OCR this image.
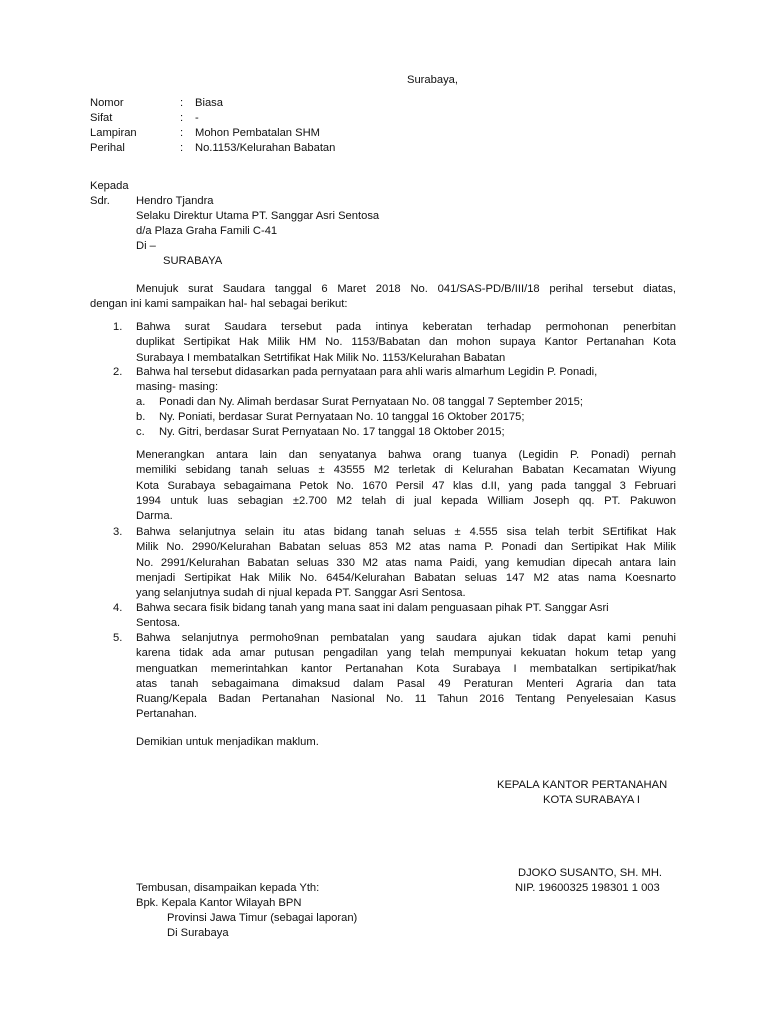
Surabaya,
Nomor	: Biasa
Sifat	: -
Lampiran	: Mohon Pembatalan SHM
Perihal	: No.1153/Kelurahan Babatan
Kepada
Sdr. Hendro Tjandra
Selaku Direktur Utama PT. Sanggar Asri Sentosa
d/a Plaza Graha Famili C-41
Di –
SURABAYA
Menujuk surat Saudara tanggal 6 Maret 2018 No. 041/SAS-PD/B/III/18 perihal tersebut diatas,
dengan ini kami sampaikan hal- hal sebagai berikut:
1. Bahwa surat Saudara tersebut pada intinya keberatan terhadap permohonan penerbitan
duplikat Sertipikat Hak Milik HM No. 1153/Babatan dan mohon supaya Kantor Pertanahan Kota
Surabaya I membatalkan Setrtifikat Hak Milik No. 1153/Kelurahan Babatan
2. Bahwa hal tersebut didasarkan pada pernyataan para ahli waris almarhum Legidin P. Ponadi,
masing- masing:
a. Ponadi dan Ny. Alimah berdasar Surat Pernyataan No. 08 tanggal 7 September 2015;
b. Ny. Poniati, berdasar Surat Pernyataan No. 10 tanggal 16 Oktober 20175;
c. Ny. Gitri, berdasar Surat Pernyataan No. 17 tanggal 18 Oktober 2015;
Menerangkan antara lain dan senyatanya bahwa orang tuanya (Legidin P. Ponadi) pernah
memiliki sebidang tanah seluas ± 43555 M2 terletak di Kelurahan Babatan Kecamatan Wiyung
Kota Surabaya sebagaimana Petok No. 1670 Persil 47 klas d.II, yang pada tanggal 3 Februari
1994 untuk luas sebagian ±2.700 M2 telah di jual kepada William Joseph qq. PT. Pakuwon
Darma.
3. Bahwa selanjutnya selain itu atas bidang tanah seluas ± 4.555 sisa telah terbit SErtifikat Hak
Milik No. 2990/Kelurahan Babatan seluas 853 M2 atas nama P. Ponadi dan Sertipikat Hak Milik
No. 2991/Kelurahan Babatan seluas 330 M2 atas nama Paidi, yang kemudian dipecah antara lain
menjadi Sertipikat Hak Milik No. 6454/Kelurahan Babatan seluas 147 M2 atas nama Koesnarto
yang selanjutnya sudah di njual kepada PT. Sanggar Asri Sentosa.
4. Bahwa secara fisik bidang tanah yang mana saat ini dalam penguasaan pihak PT. Sanggar Asri
Sentosa.
5. Bahwa selanjutnya permoho9nan pembatalan yang saudara ajukan tidak dapat kami penuhi
karena tidak ada amar putusan pengadilan yang telah mempunyai kekuatan hokum tetap yang
menguatkan memerintahkan kantor Pertanahan Kota Surabaya I membatalkan sertipikat/hak
atas tanah sebagaimana dimaksud dalam Pasal 49 Peraturan Menteri Agraria dan tata
Ruang/Kepala Badan Pertanahan Nasional No. 11 Tahun 2016 Tentang Penyelesaian Kasus
Pertanahan.
Demikian untuk menjadikan maklum.
KEPALA KANTOR PERTANAHAN
KOTA SURABAYA I
DJOKO SUSANTO, SH. MH.
NIP. 19600325 198301 1 003
Tembusan, disampaikan kepada Yth:
Bpk. Kepala Kantor Wilayah BPN
Provinsi Jawa Timur (sebagai laporan)
Di Surabaya
